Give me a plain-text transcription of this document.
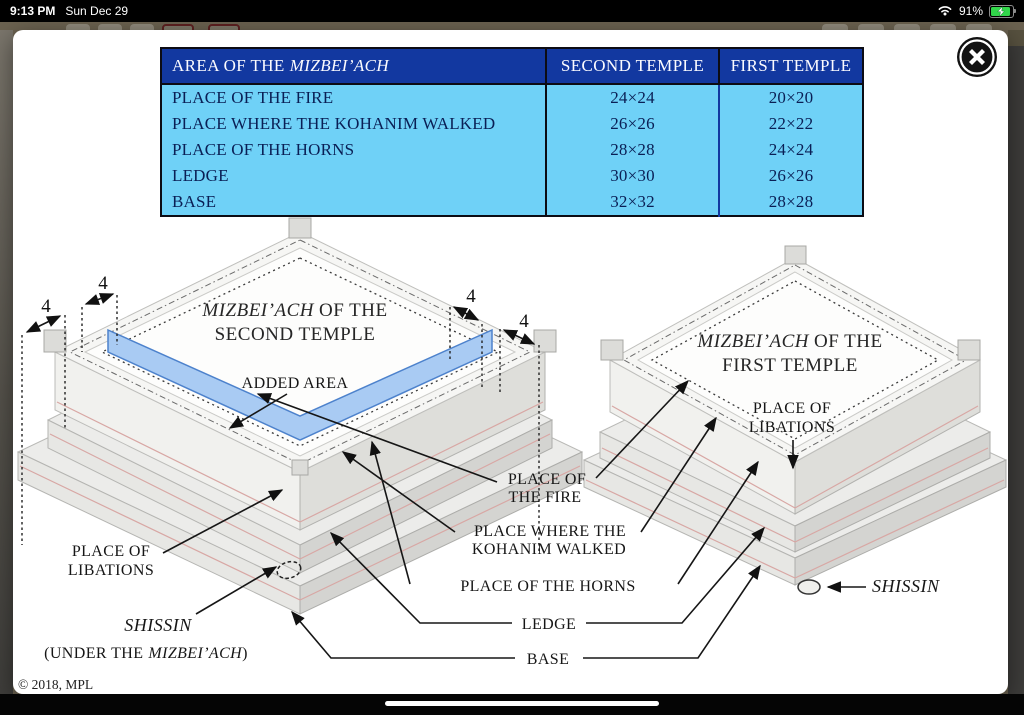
9:13 PM Sun Dec 29	91%
AREA OF THE MIZBEI’ACH	SECOND TEMPLE	FIRST TEMPLE
PLACE OF THE FIRE	24×24	20×20
PLACE WHERE THE KOHANIM WALKED	26×26	22×22
PLACE OF THE HORNS	28×28	24×24
LEDGE	30×30	26×26
BASE	32×32	28×28
4
4
4
4
MIZBEI’ACH OF THE
SECOND TEMPLE	MIZBEI’ACH OF THE
FIRST TEMPLE
ADDED AREA
PLACE OF
THE FIRE
PLACE WHERE THE
KOHANIM WALKED
PLACE OF THE HORNS
LEDGE
BASE
PLACE OF
LIBATIONS
SHISSIN
(UNDER THE MIZBEI’ACH)
PLACE OF
LIBATIONS
SHISSIN
© 2018, MPL
